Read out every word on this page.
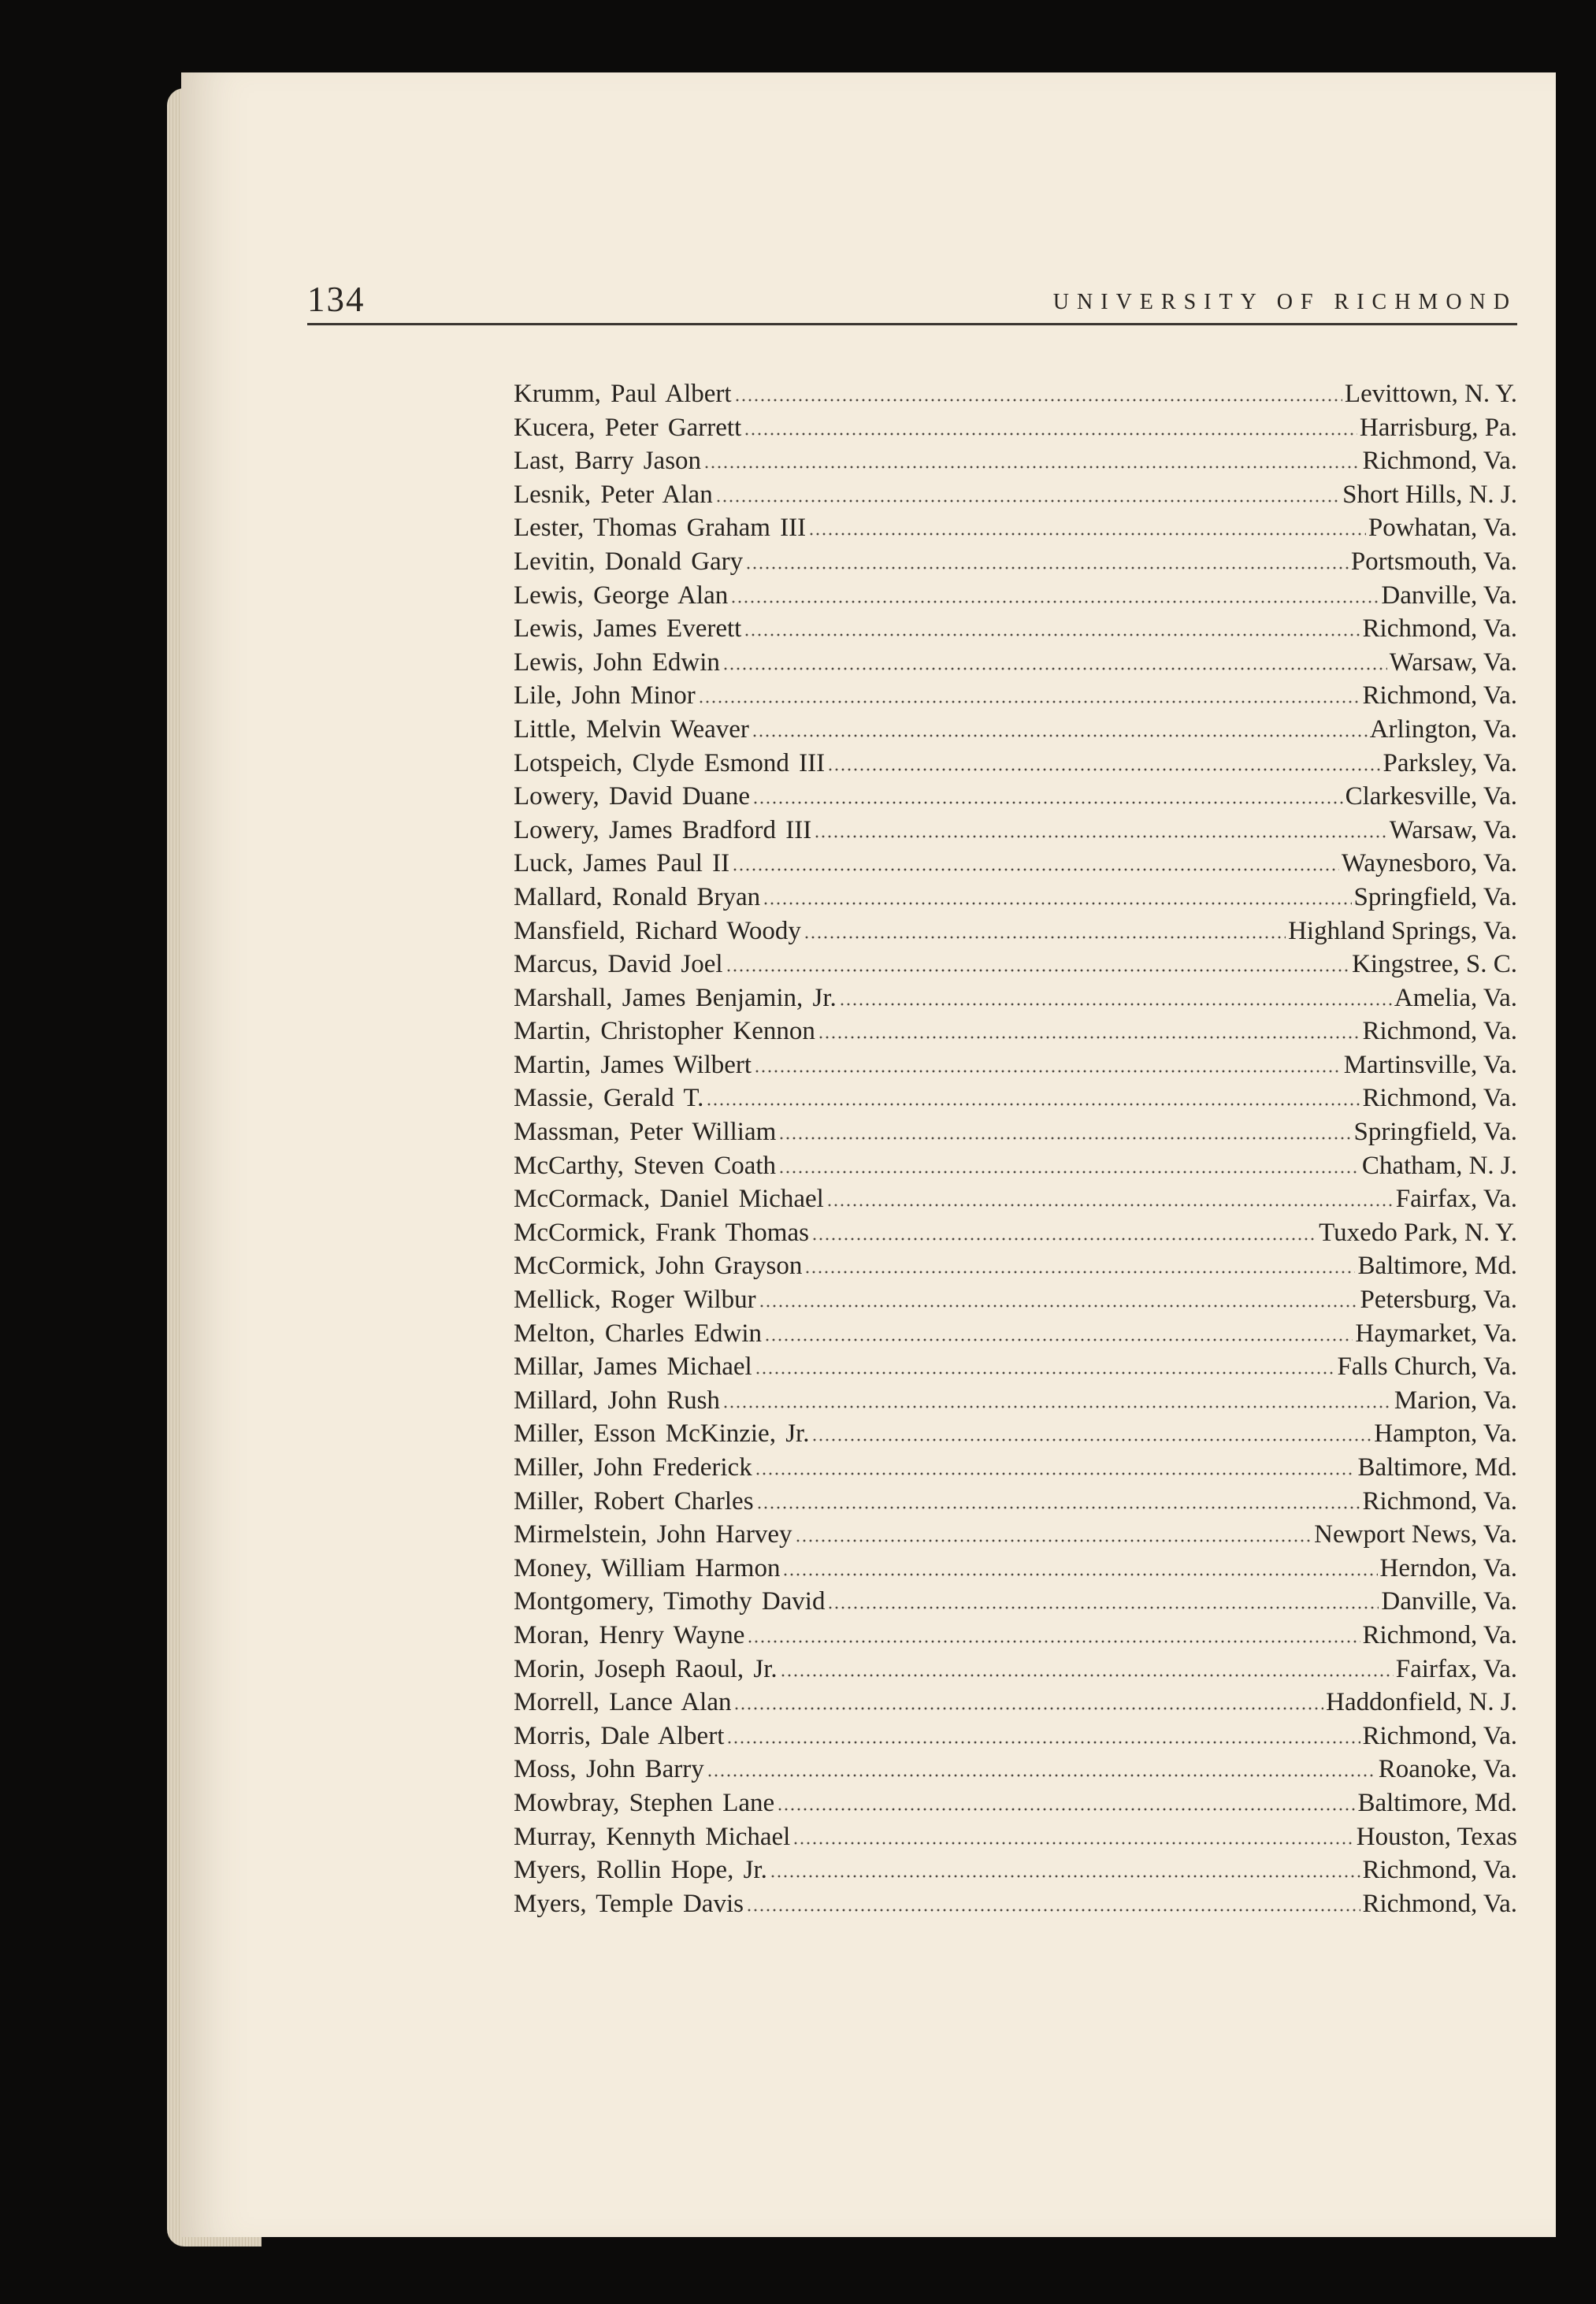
134	UNIVERSITY OF RICHMOND
Krumm, Paul Albert	Levittown, N. Y.
Kucera, Peter Garrett	Harrisburg, Pa.
Last, Barry Jason	Richmond, Va.
Lesnik, Peter Alan	Short Hills, N. J.
Lester, Thomas Graham III	Powhatan, Va.
Levitin, Donald Gary	Portsmouth, Va.
Lewis, George Alan	Danville, Va.
Lewis, James Everett	Richmond, Va.
Lewis, John Edwin	Warsaw, Va.
Lile, John Minor	Richmond, Va.
Little, Melvin Weaver	Arlington, Va.
Lotspeich, Clyde Esmond III	Parksley, Va.
Lowery, David Duane	Clarkesville, Va.
Lowery, James Bradford III	Warsaw, Va.
Luck, James Paul II	Waynesboro, Va.
Mallard, Ronald Bryan	Springfield, Va.
Mansfield, Richard Woody	Highland Springs, Va.
Marcus, David Joel	Kingstree, S. C.
Marshall, James Benjamin, Jr.	Amelia, Va.
Martin, Christopher Kennon	Richmond, Va.
Martin, James Wilbert	Martinsville, Va.
Massie, Gerald T.	Richmond, Va.
Massman, Peter William	Springfield, Va.
McCarthy, Steven Coath	Chatham, N. J.
McCormack, Daniel Michael	Fairfax, Va.
McCormick, Frank Thomas	Tuxedo Park, N. Y.
McCormick, John Grayson	Baltimore, Md.
Mellick, Roger Wilbur	Petersburg, Va.
Melton, Charles Edwin	Haymarket, Va.
Millar, James Michael	Falls Church, Va.
Millard, John Rush	Marion, Va.
Miller, Esson McKinzie, Jr.	Hampton, Va.
Miller, John Frederick	Baltimore, Md.
Miller, Robert Charles	Richmond, Va.
Mirmelstein, John Harvey	Newport News, Va.
Money, William Harmon	Herndon, Va.
Montgomery, Timothy David	Danville, Va.
Moran, Henry Wayne	Richmond, Va.
Morin, Joseph Raoul, Jr.	Fairfax, Va.
Morrell, Lance Alan	Haddonfield, N. J.
Morris, Dale Albert	Richmond, Va.
Moss, John Barry	Roanoke, Va.
Mowbray, Stephen Lane	Baltimore, Md.
Murray, Kennyth Michael	Houston, Texas
Myers, Rollin Hope, Jr.	Richmond, Va.
Myers, Temple Davis	Richmond, Va.
